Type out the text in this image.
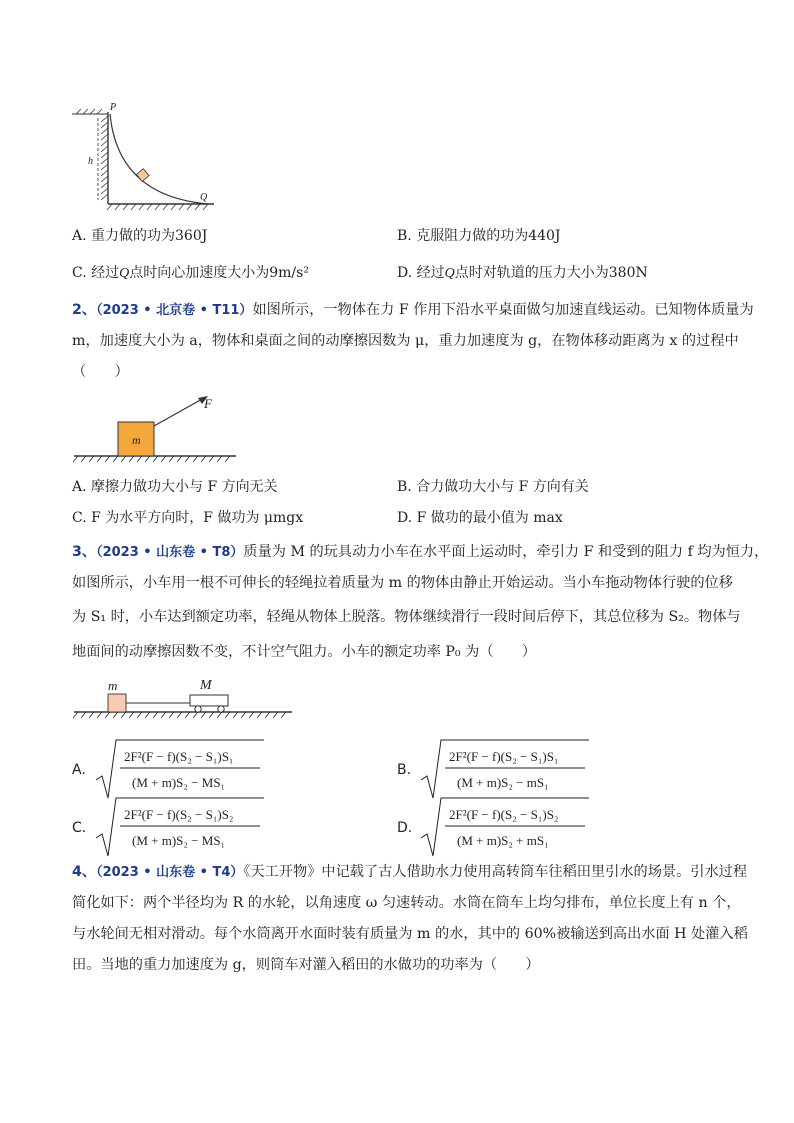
h
P
Q
A. 重力做的功为360J	B. 克服阻力做的功为440J
C. 经过Q点时向心加速度大小为9m/s²	D. 经过Q点时对轨道的压力大小为380N
2、（2023 • 北京卷 • T11）如图所示，一物体在力 F 作用下沿水平桌面做匀加速直线运动。已知物体质量为
m，加速度大小为 a，物体和桌面之间的动摩擦因数为 μ，重力加速度为 g，在物体移动距离为 x 的过程中
（　　）
m
F
A. 摩擦力做功大小与 F 方向无关	B. 合力做功大小与 F 方向有关
C. F 为水平方向时，F 做功为 μmgx	D. F 做功的最小值为 max
3、（2023 • 山东卷 • T8）质量为 M 的玩具动力小车在水平面上运动时，牵引力 F 和受到的阻力 f 均为恒力，
如图所示，小车用一根不可伸长的轻绳拉着质量为 m 的物体由静止开始运动。当小车拖动物体行驶的位移
为 S₁ 时，小车达到额定功率，轻绳从物体上脱落。物体继续滑行一段时间后停下，其总位移为 S₂。物体与
地面间的动摩擦因数不变，不计空气阻力。小车的额定功率 P₀ 为（　　）
m	M
A.
2F²(F − f)(S₂ − S₁)S₁
(M + m)S₂ − MS₁
B.
2F²(F − f)(S₂ − S₁)S₁
(M + m)S₂ − mS₁
C.
2F²(F − f)(S₂ − S₁)S₂
(M + m)S₂ − MS₁
D.
2F²(F − f)(S₂ − S₁)S₂
(M + m)S₂ + mS₁
4、（2023 • 山东卷 • T4）《天工开物》中记载了古人借助水力使用高转筒车往稻田里引水的场景。引水过程
简化如下：两个半径均为 R 的水轮，以角速度 ω 匀速转动。水筒在筒车上均匀排布，单位长度上有 n 个，
与水轮间无相对滑动。每个水筒离开水面时装有质量为 m 的水，其中的 60%被输送到高出水面 H 处灌入稻
田。当地的重力加速度为 g，则筒车对灌入稻田的水做功的功率为（　　）
